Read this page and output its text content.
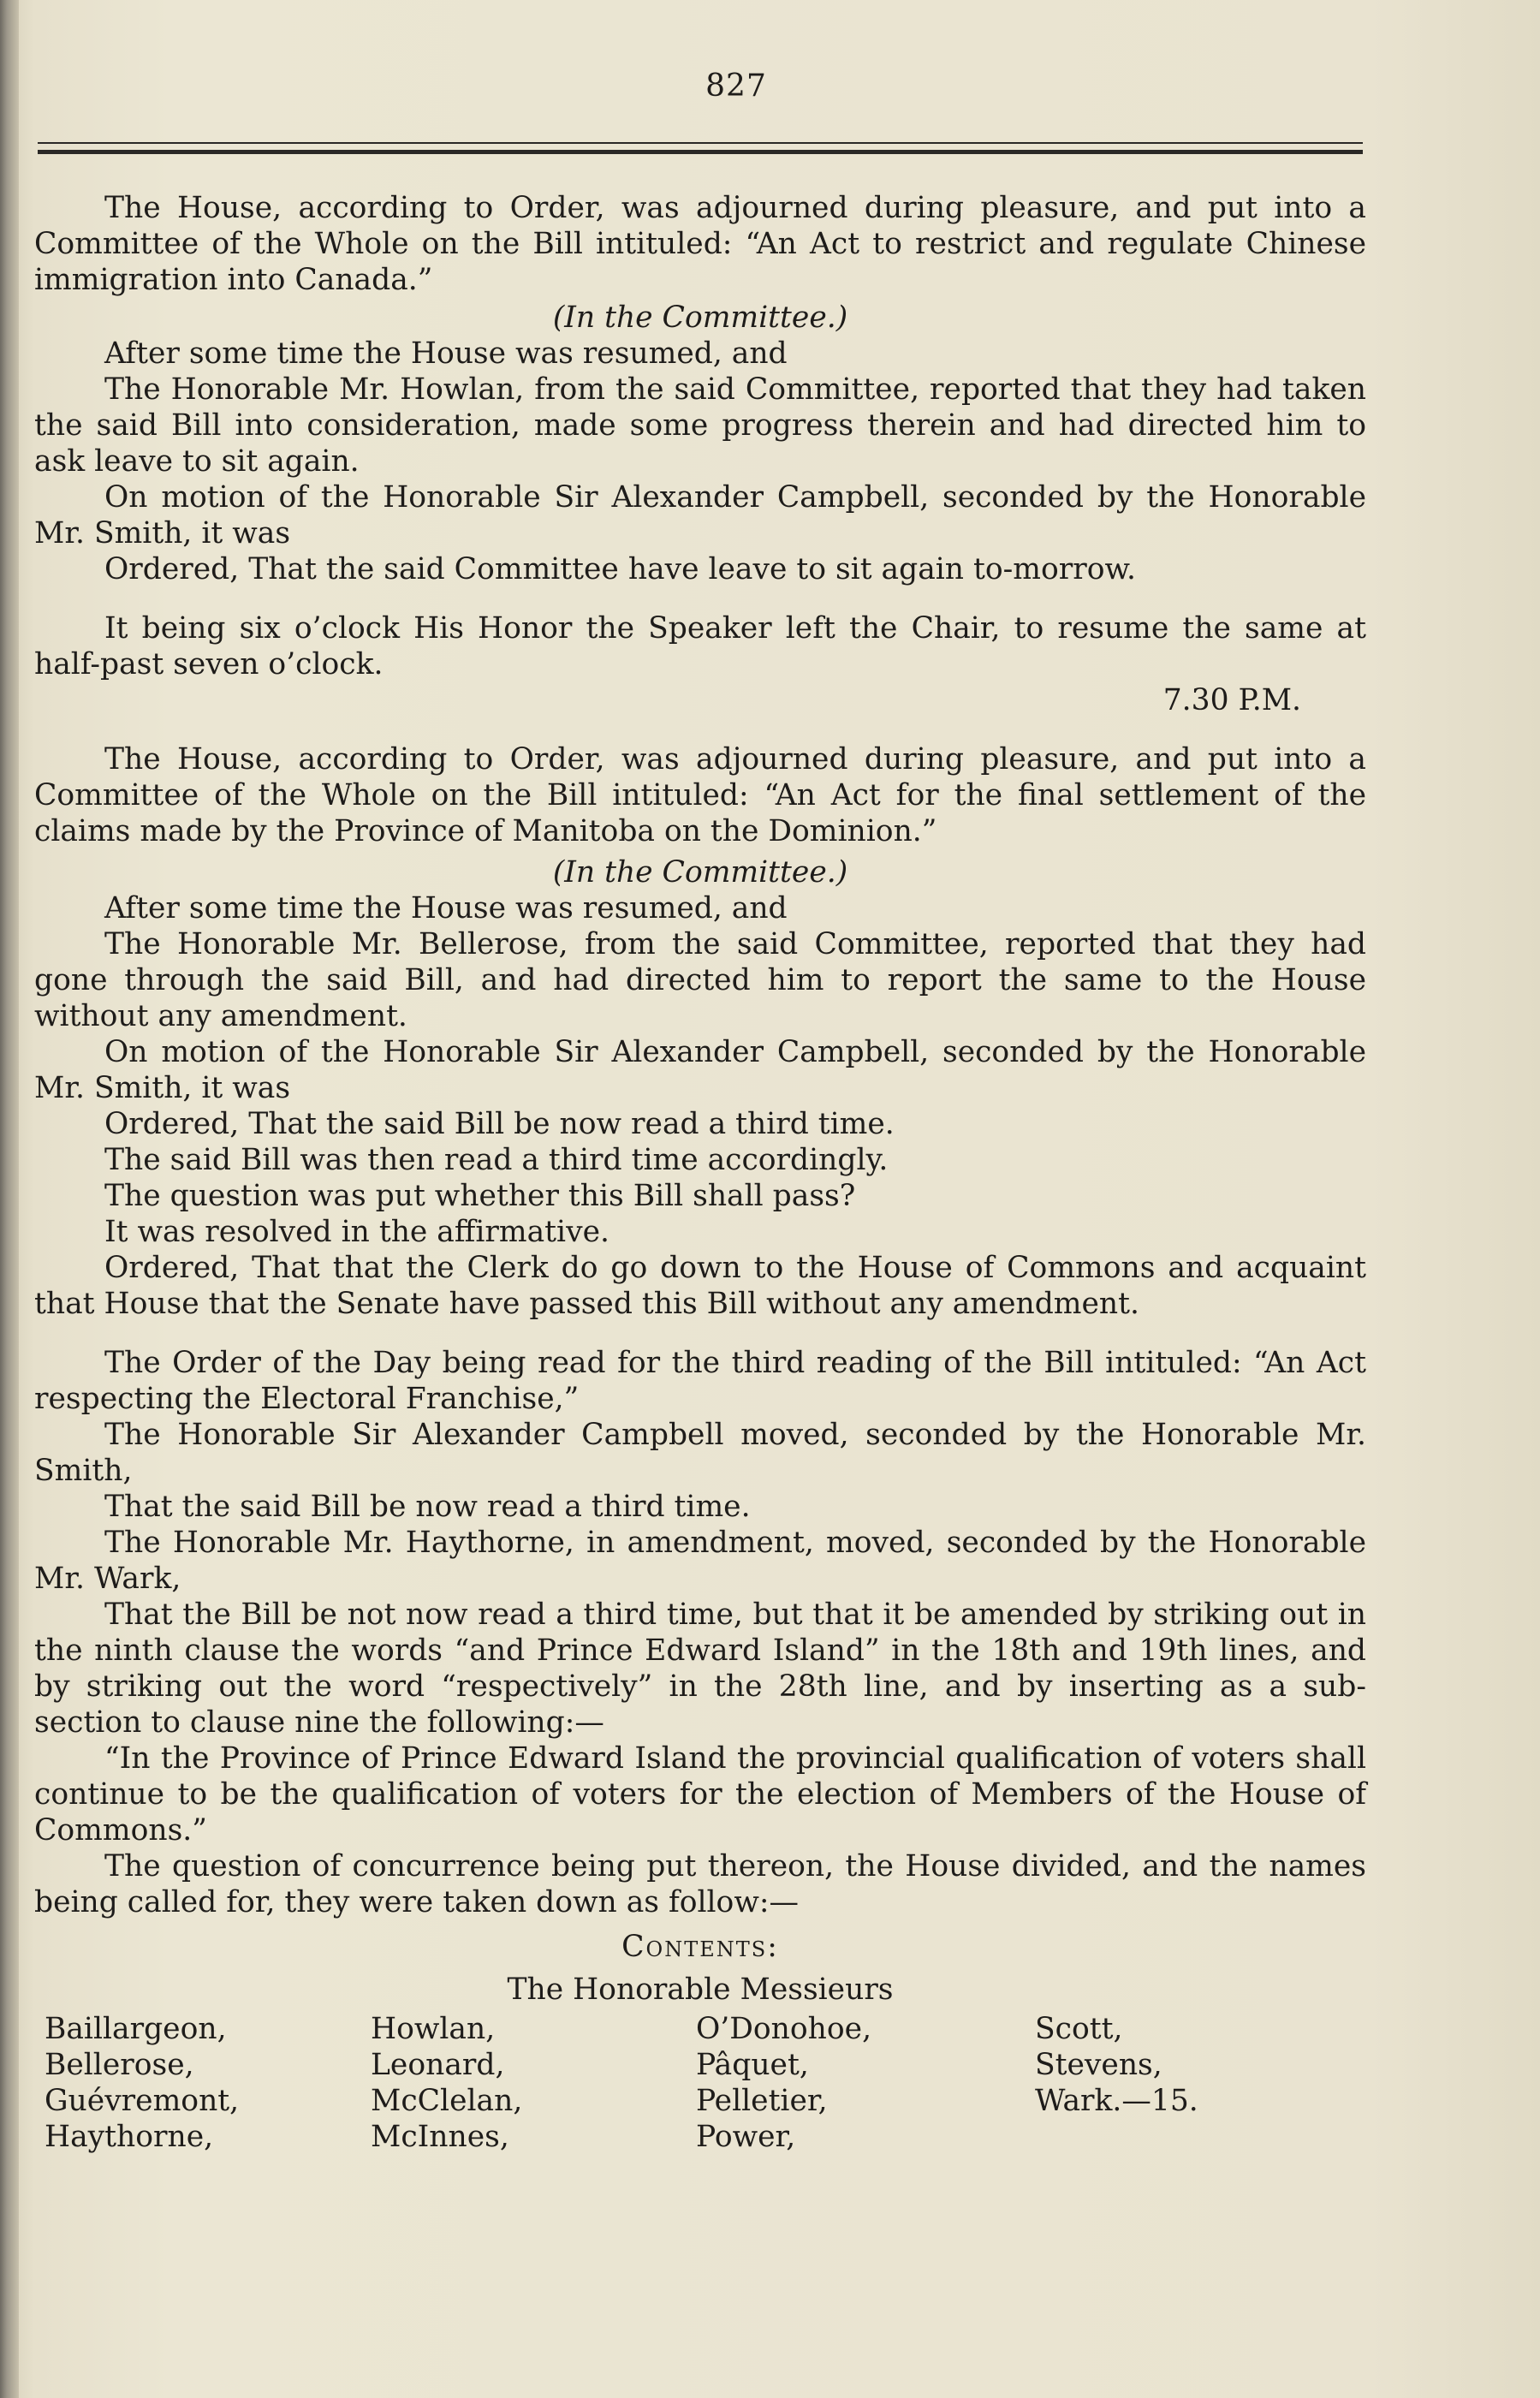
827

The House, according to Order, was adjourned during pleasure, and put into a Committee of the Whole on the Bill intituled: “An Act to restrict and regulate Chinese immigration into Canada.”

(In the Committee.)

After some time the House was resumed, and

The Honorable Mr. Howlan, from the said Committee, reported that they had taken the said Bill into consideration, made some progress therein and had directed him to ask leave to sit again.

On motion of the Honorable Sir Alexander Campbell, seconded by the Honorable Mr. Smith, it was

Ordered, That the said Committee have leave to sit again to-morrow.

It being six o’clock His Honor the Speaker left the Chair, to resume the same at half-past seven o’clock.

7.30 P.M.

The House, according to Order, was adjourned during pleasure, and put into a Committee of the Whole on the Bill intituled: “An Act for the final settlement of the claims made by the Province of Manitoba on the Dominion.”

(In the Committee.)

After some time the House was resumed, and

The Honorable Mr. Bellerose, from the said Committee, reported that they had gone through the said Bill, and had directed him to report the same to the House without any amendment.

On motion of the Honorable Sir Alexander Campbell, seconded by the Honorable Mr. Smith, it was

Ordered, That the said Bill be now read a third time.

The said Bill was then read a third time accordingly.

The question was put whether this Bill shall pass?

It was resolved in the affirmative.

Ordered, That that the Clerk do go down to the House of Commons and acquaint that House that the Senate have passed this Bill without any amendment.

The Order of the Day being read for the third reading of the Bill intituled: “An Act respecting the Electoral Franchise,”

The Honorable Sir Alexander Campbell moved, seconded by the Honorable Mr. Smith,

That the said Bill be now read a third time.

The Honorable Mr. Haythorne, in amendment, moved, seconded by the Honorable Mr. Wark,

That the Bill be not now read a third time, but that it be amended by striking out in the ninth clause the words “and Prince Edward Island” in the 18th and 19th lines, and by striking out the word “respectively” in the 28th line, and by inserting as a sub-section to clause nine the following:—

“In the Province of Prince Edward Island the provincial qualification of voters shall continue to be the qualification of voters for the election of Members of the House of Commons.”

The question of concurrence being put thereon, the House divided, and the names being called for, they were taken down as follow:—

Contents:

The Honorable Messieurs

Baillargeon,	Howlan,	O’Donohoe,	Scott,
Bellerose,	Leonard,	Pâquet,	Stevens,
Guévremont,	McClelan,	Pelletier,	Wark.—15.
Haythorne,	McInnes,	Power,
